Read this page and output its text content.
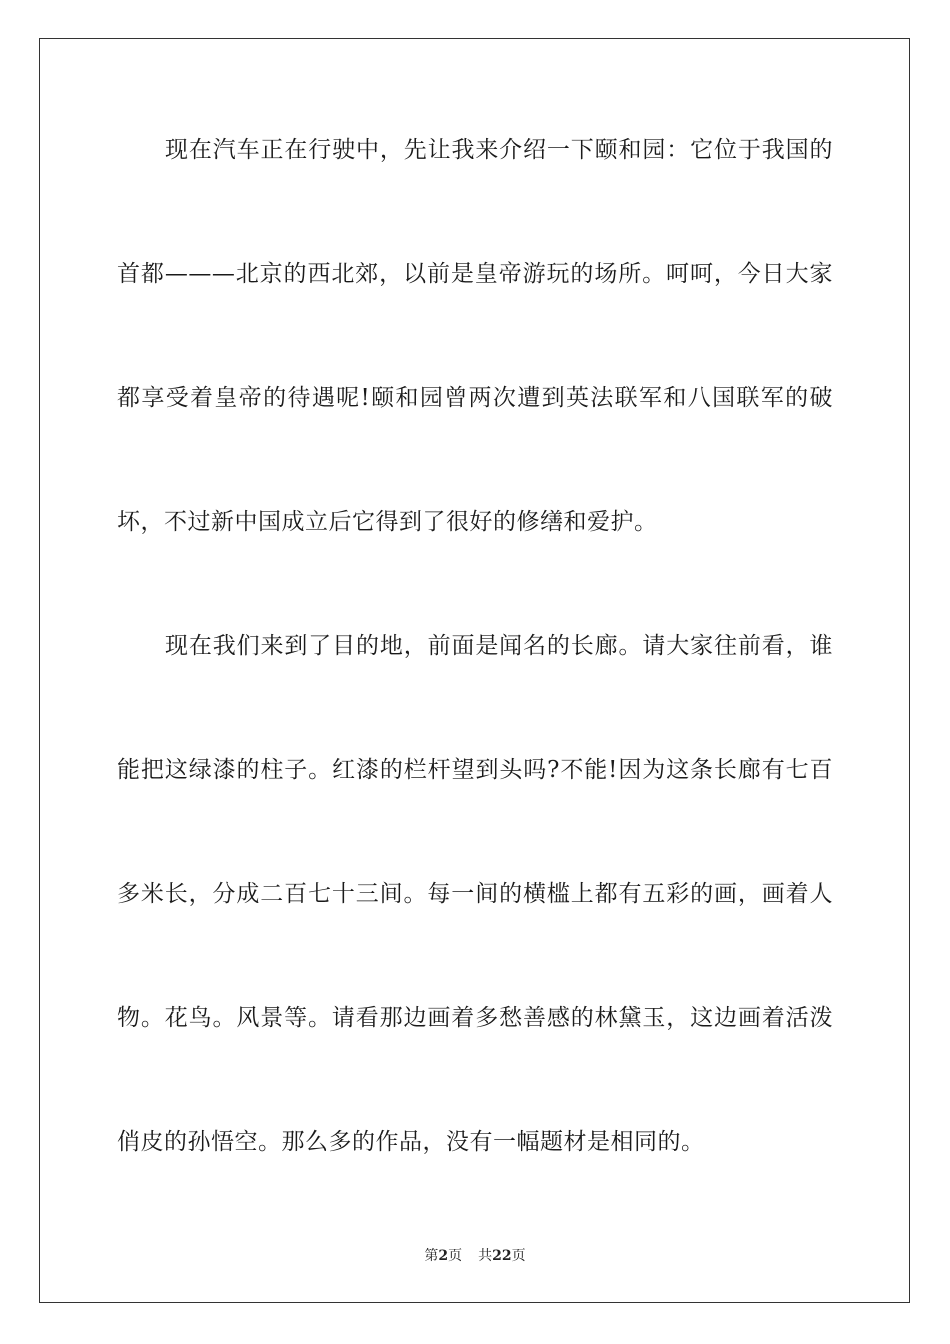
现在汽车正在行驶中，先让我来介绍一下颐和园：它位于我国的
首都———北京的西北郊，以前是皇帝游玩的场所。呵呵，今日大家
都享受着皇帝的待遇呢!颐和园曾两次遭到英法联军和八国联军的破
坏，不过新中国成立后它得到了很好的修缮和爱护。
现在我们来到了目的地，前面是闻名的长廊。请大家往前看，谁
能把这绿漆的柱子。红漆的栏杆望到头吗?不能!因为这条长廊有七百
多米长，分成二百七十三间。每一间的横槛上都有五彩的画，画着人
物。花鸟。风景等。请看那边画着多愁善感的林黛玉，这边画着活泼
俏皮的孙悟空。那么多的作品，没有一幅题材是相同的。
第2页 共22页
